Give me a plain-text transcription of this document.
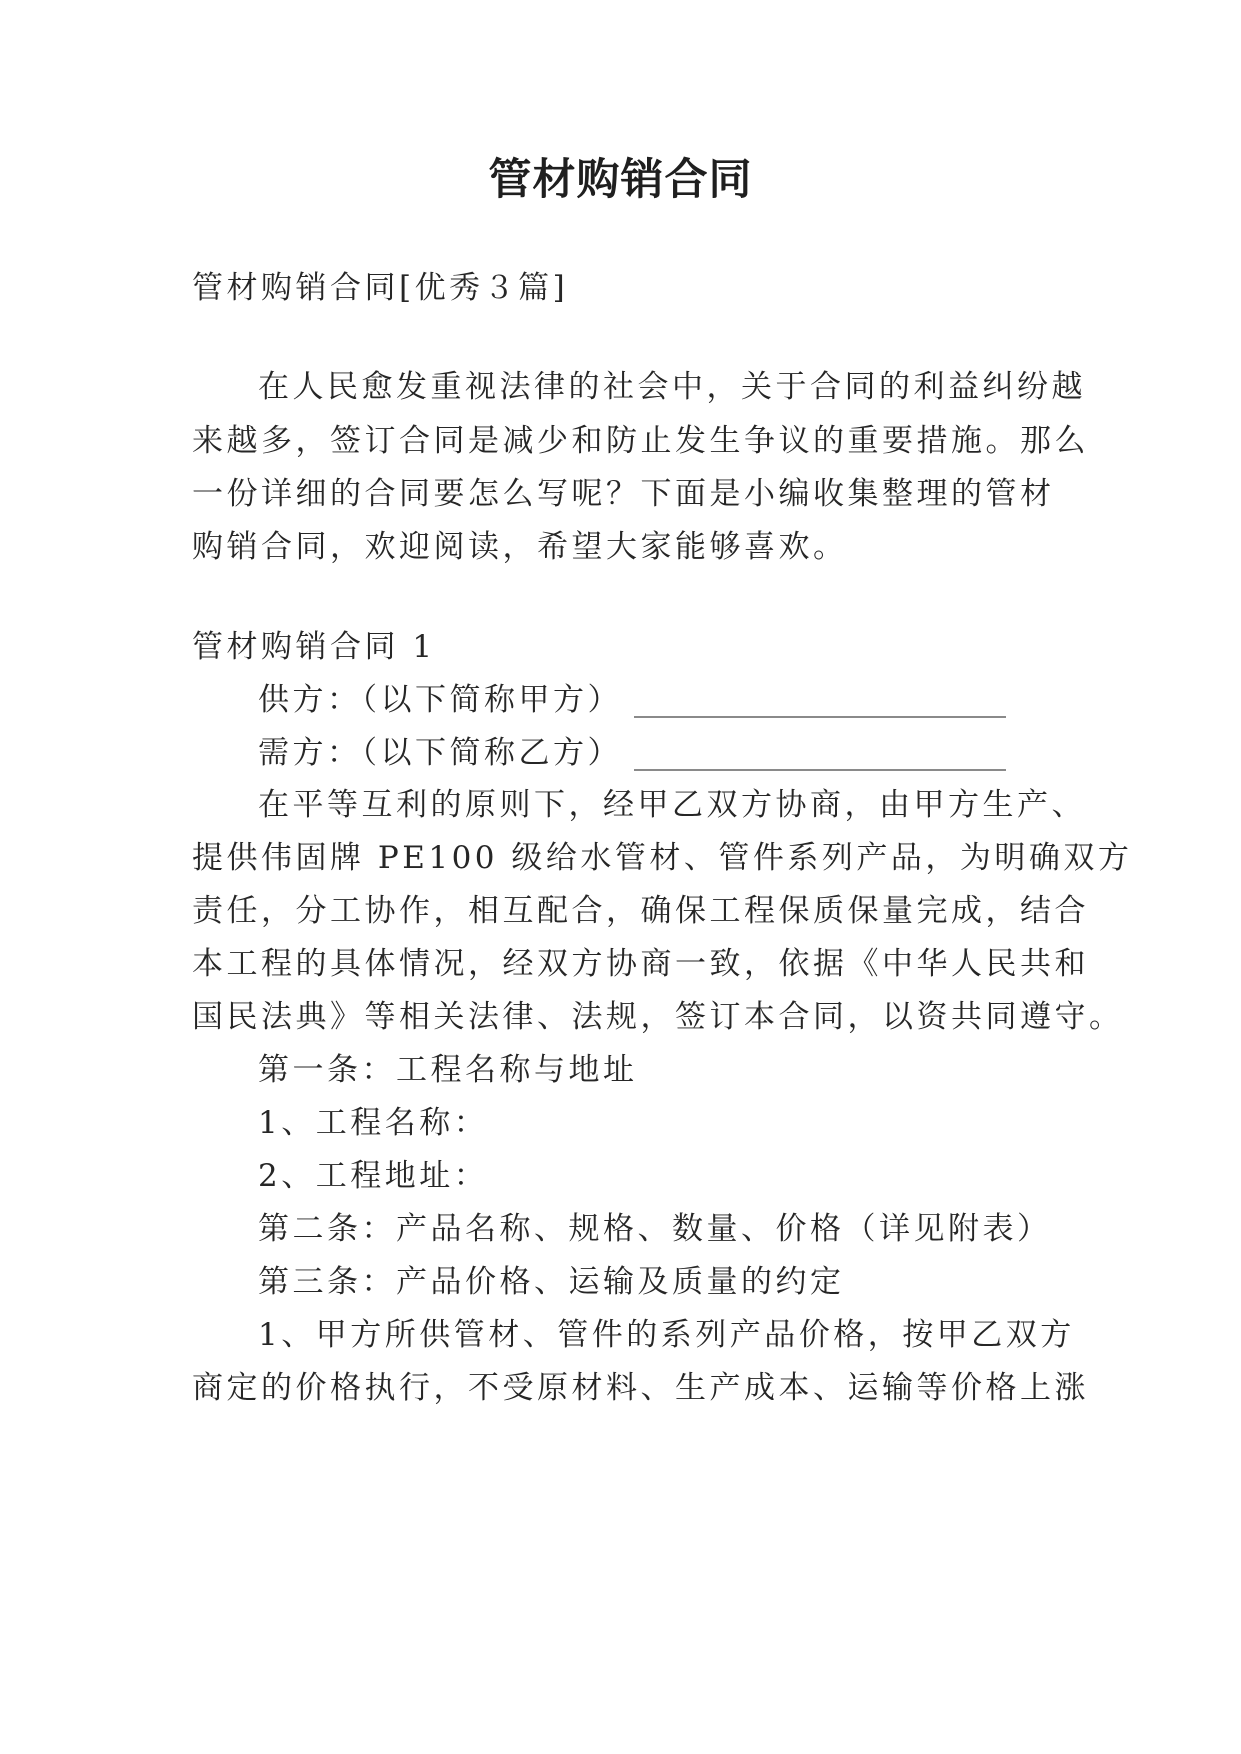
管材购销合同
管材购销合同[优秀３篇]
在人民愈发重视法律的社会中，关于合同的利益纠纷越
来越多，签订合同是减少和防止发生争议的重要措施。那么
一份详细的合同要怎么写呢？下面是小编收集整理的管材
购销合同，欢迎阅读，希望大家能够喜欢。
管材购销合同 1
供方：（以下简称甲方）
需方：（以下简称乙方）
在平等互利的原则下，经甲乙双方协商，由甲方生产、
提供伟固牌 PE100 级给水管材、管件系列产品，为明确双方
责任，分工协作，相互配合，确保工程保质保量完成，结合
本工程的具体情况，经双方协商一致，依据《中华人民共和
国民法典》等相关法律、法规，签订本合同，以资共同遵守。
第一条：工程名称与地址
1、工程名称：
2、工程地址：
第二条：产品名称、规格、数量、价格（详见附表）
第三条：产品价格、运输及质量的约定
1、甲方所供管材、管件的系列产品价格，按甲乙双方
商定的价格执行，不受原材料、生产成本、运输等价格上涨
